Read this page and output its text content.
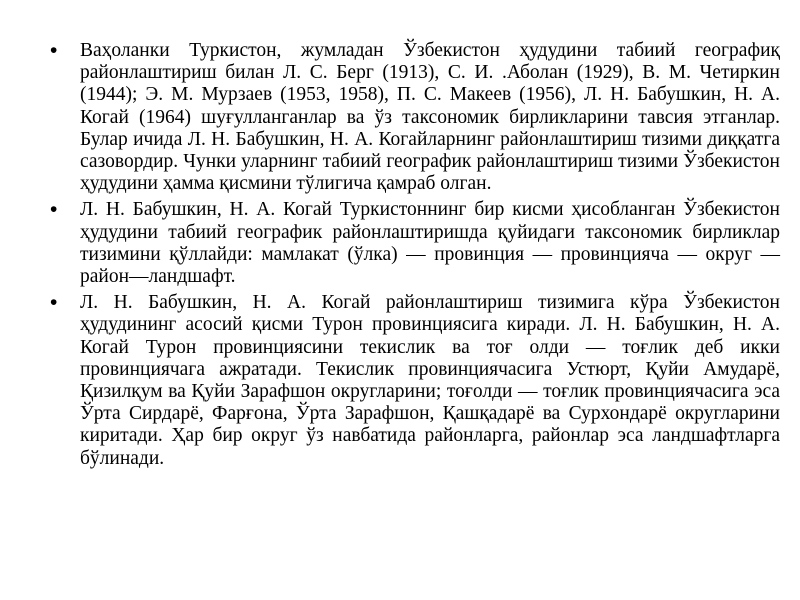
• Ваҳоланки Туркистон, жумладан Ўзбекистон ҳудудини табиий географиқ районлаштириш билан Л. С. Берг (1913), С. И. .Аболан (1929), В. М. Четиркин (1944); Э. М. Мурзаев (1953, 1958), П. С. Макеев (1956), Л. Н. Бабушкин, Н. А. Когай (1964) шуғулланганлар ва ўз таксономик бирликларини тавсия этганлар. Булар ичида Л. Н. Бабушкин, Н. А. Когайларнинг районлаштириш тизими диққатга сазовордир. Чунки уларнинг табиий географик районлаштириш тизими Ўзбекистон ҳудудини ҳамма қисмини тўлигича қамраб олган.

• Л. Н. Бабушкин, Н. А. Когай Туркистоннинг бир кисми ҳисобланган Ўзбекистон ҳудудини табиий географик районлаштиришда қуйидаги таксономик бирликлар тизимини қўллайди: мамлакат (ўлка) — провинция — провинциячa — округ — район—ландшафт.

• Л. Н. Бабушкин, Н. А. Когай районлаштириш тизимига кўра Ўзбекистон ҳудудининг асосий қисми Турон провинциясига киради. Л. Н. Бабушкин, Н. А. Когай Турон провинциясини текислик ва тоғ олди — тоғлик деб икки провинциячага ажратади. Текислик провинциячасига Устюрт, Қуйи Амударё, Қизилқум ва Қуйи Зарафшон округларини; тоғолди — тоғлик провинциячасига эса Ўрта Сирдарё, Фарғона, Ўрта Зарафшон, Қашқадарё ва Сурхондарё округларини киритади. Ҳар бир округ ўз навбатида районларга, районлар эса ландшафтларга бўлинади.
